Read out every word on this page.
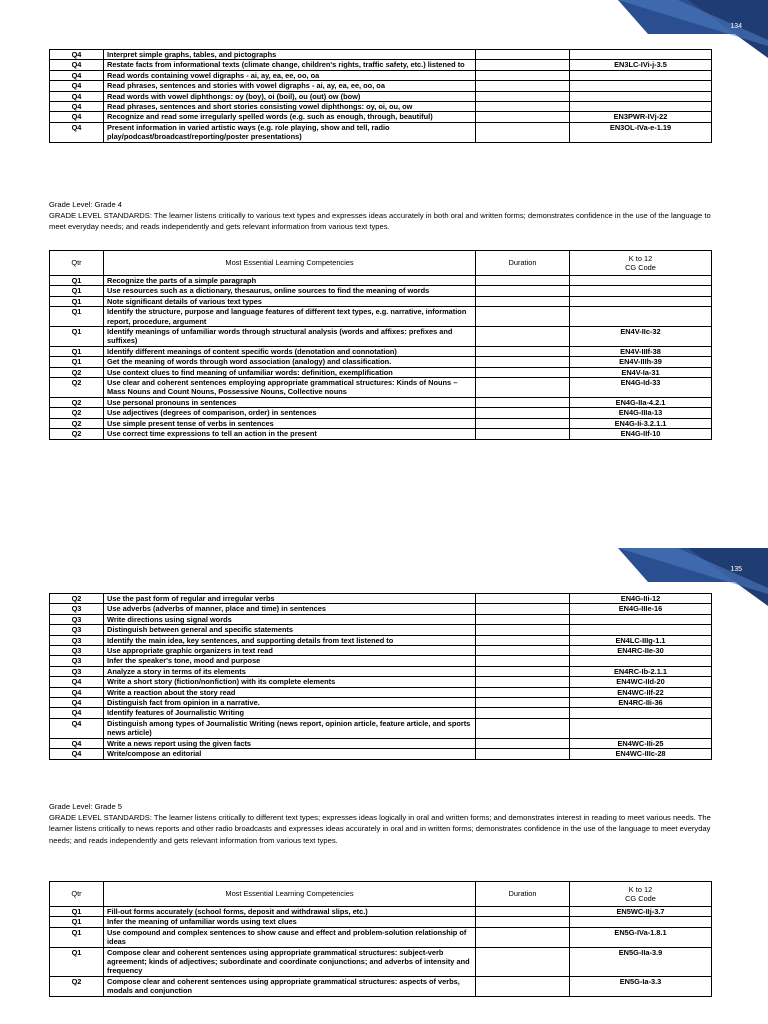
134
Q4	Interpret simple graphs, tables, and pictographs		
Q4	Restate facts from informational texts (climate change, children's rights, traffic safety, etc.) listened to		EN3LC-IVi-j-3.5
Q4	Read words containing vowel digraphs - ai, ay, ea, ee, oo, oa		
Q4	Read phrases, sentences and stories with vowel digraphs - ai, ay, ea, ee, oo, oa		
Q4	Read words with vowel diphthongs: oy (boy), oi (boil), ou (out) ow (bow)		
Q4	Read phrases, sentences and short stories consisting vowel diphthongs: oy, oi, ou, ow		
Q4	Recognize and read some irregularly spelled words (e.g. such as enough, through, beautiful)		EN3PWR-IVj-22
Q4	Present information in varied artistic ways (e.g. role playing, show and tell, radio play/podcast/broadcast/reporting/poster presentations)		EN3OL-IVa-e-1.19
Grade Level: Grade 4
GRADE LEVEL STANDARDS: The learner listens critically to various text types and expresses ideas accurately in both oral and written forms; demonstrates confidence in the use of the language to meet everyday needs; and reads independently and gets relevant information from various text types.
Qtr	Most Essential Learning Competencies	Duration	K to 12
CG Code

Q1	Recognize the parts of a simple paragraph		
Q1	Use resources such as a dictionary, thesaurus, online sources to find the meaning of words		
Q1	Note significant details of various text types		
Q1	Identify the structure, purpose and language features of different text types, e.g. narrative, information report, procedure, argument		
Q1	Identify meanings of unfamiliar words through structural analysis (words and affixes: prefixes and suffixes)		EN4V-IIc-32
Q1	Identify different meanings of content specific words (denotation and connotation)		EN4V-IIIf-38
Q1	Get the meaning of words through word association (analogy) and classification.		EN4V-IIIh-39
Q2	Use context clues to find meaning of unfamiliar words: definition, exemplification		EN4V-Ia-31
Q2	Use clear and coherent sentences employing appropriate grammatical structures: Kinds of Nouns – Mass Nouns and Count Nouns, Possessive Nouns, Collective nouns		EN4G-Id-33
Q2	Use personal pronouns in sentences		EN4G-IIa-4.2.1
Q2	Use adjectives (degrees of comparison, order) in sentences		EN4G-IIIa-13
Q2	Use simple present tense of verbs in sentences		EN4G-Ii-3.2.1.1
Q2	Use correct time expressions to tell an action in the present		EN4G-IIf-10
135
Q2	Use the past form of regular and irregular verbs		EN4G-IIi-12
Q3	Use adverbs (adverbs of manner, place and time) in sentences		EN4G-IIIe-16
Q3	Write directions using signal words		
Q3	Distinguish between general and specific statements		
Q3	Identify the main idea, key sentences, and supporting details from text listened to		EN4LC-IIIg-1.1
Q3	Use appropriate graphic organizers in text read		EN4RC-IIe-30
Q3	Infer the speaker's tone, mood and purpose		
Q3	Analyze a story in terms of its elements		EN4RC-Ib-2.1.1
Q4	Write a short story (fiction/nonfiction) with its complete elements		EN4WC-IId-20
Q4	Write a reaction about the story read		EN4WC-IIf-22
Q4	Distinguish fact from opinion in a narrative.		EN4RC-IIi-36
Q4	Identify features of Journalistic Writing		
Q4	Distinguish among types of Journalistic Writing (news report, opinion article, feature article, and sports news article)		
Q4	Write a news report using the given facts		EN4WC-IIi-25
Q4	Write/compose an editorial		EN4WC-IIIc-28
Grade Level: Grade 5
GRADE LEVEL STANDARDS: The learner listens critically to different text types; expresses ideas logically in oral and written forms; and demonstrates interest in reading to meet various needs. The learner listens critically to news reports and other radio broadcasts and expresses ideas accurately in oral and in written forms; demonstrates confidence in the use of the language to meet everyday needs; and reads independently and gets relevant information from various text types.
Qtr	Most Essential Learning Competencies	Duration	K to 12
CG Code

Q1	Fill-out forms accurately (school forms, deposit and withdrawal slips, etc.)		EN5WC-IIj-3.7
Q1	Infer the meaning of unfamiliar words using text clues		
Q1	Use compound and complex sentences to show cause and effect and problem-solution relationship of ideas		EN5G-IVa-1.8.1
Q1	Compose clear and coherent sentences using appropriate grammatical structures: subject-verb agreement; kinds of adjectives; subordinate and coordinate conjunctions; and adverbs of intensity and frequency		EN5G-IIa-3.9
Q2	Compose clear and coherent sentences using appropriate grammatical structures: aspects of verbs, modals and conjunction		EN5G-Ia-3.3
